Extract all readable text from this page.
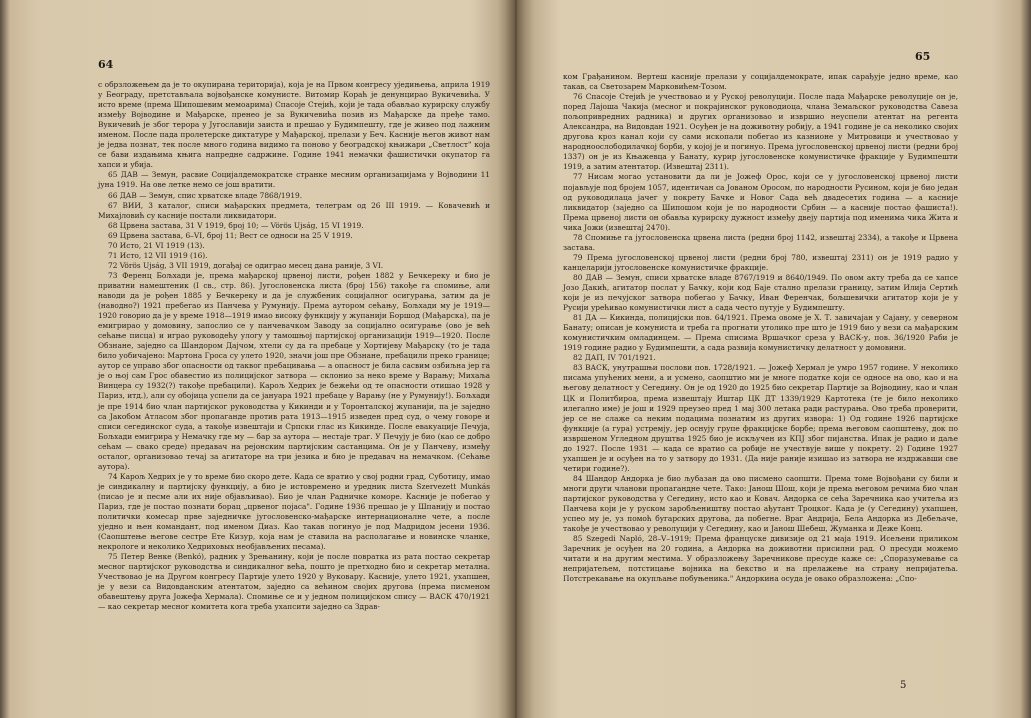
64

с обрзложењем да је то окупирана територија), која је на Првом конгресу уједињења, априла 1919 у Београду, претстављала војвођанске комунисте. Витомир Кораћ је денунцирао Вукичевића. У исто време (према Шипошевим мемоарима) Спасоје Стејић, који је тада обављао курирску службу између Војводине и Мађарске, пренео је за Вукичевића позив из Мађарске да пређе тамо. Вукичевић је због терора у Југославији заиста и прешао у Будимпешту, где је живео под лажним именом. После пада пролетерске диктатуре у Мађарској, прелази у Беч. Касније његов живот нам је једва познат, тек после много година видимо га поново у београдској књижари „Светлост" која се бави издањима књига напредне садржине. Године 1941 немачки фашистички окупатор га хапси и убија.

65 ДАВ — Земун, расвие Социјалдемократске странке месним организацијама у Војводини 11 јуна 1919. На ове летке немо се још вратити.

66 ДАВ — Земун, спис хрватске владе 7868/1919.

67 ВИИ, 3 каталог, списи мађарских предмета, телеграм од 26 III 1919. — Ковачевић и Михајловић су касније постали ликвидатори.

68 Црвена застава, 31 V 1919, број 10; — Vörös Ujság, 15 VI 1919.

69 Црвена застава, 6–VI, број 11; Вест се односи на 25 V 1919.

70 Исто, 21 VI 1919 (13).

71 Исто, 12 VII 1919 (16).

72 Vörös Ujság, 3 VII 1919, догађај се одиграо месец дана раније, 3 VI.

73 Ференц Бољхади је, према мађарској црвеној листи, рођен 1882 у Бечкереку и био је приватни намештеник (I св., стр. 86). Југословенска листа (број 156) такође га спомиње, али наводи да је рођен 1885 у Бечкереку и да је службеник социјалног осигурања, затим да је (наводно?) 1921 пребегао из Панчева у Румунију. Према аутором сећању, Бољхади му је 1919—1920 говорио да је у време 1918—1919 имао високу функцију у жупанији Боршод (Мађарска), па је емигрирао у домовину, запослио се у панчевачком Заводу за социјално осигурање (ово је већ сећање писца) и играо руководећу улогу у тамошњој партијској организацији 1919—1920. После Обзнане, заједно са Шандором Дајчом, хтели су да га пребаце у Хортијеву Мађарску (то је тада било уобичајено: Мартона Гроса су улето 1920, значи још пре Обзнане, пребацили преко границе; аутор се управо због опасности од таквог пребацивања — а опасност је била сасвим озбиљна јер га је о њој сам Грос обавестио из полицијског затвора — склонио за неко време у Варању; Михаља Винцера су 1932(?) такође пребацили). Карољ Хедрих је бежећи од те опасности отишао 1928 у Париз, итд.), али су обојица успели да се јануара 1921 пребаце у Варању (не у Румунију!). Бољхади је пре 1914 био члан партијског руководства у Кикинди и у Торонталској жупанији, па је заједно са Јакобом Атласом због пропаганде против рата 1913—1915 изведен пред суд, о чему говоре и списи сегединског суда, а такође извештаји и Српски глас из Кикинде. После евакуације Печуја, Бољхади емигрира у Немачку где му — бар за аутора — нестаје траг. У Печују је био (као се добро сећам — свако среде) предавач на рејонским партијским састанцима. Он је у Панчеву, између осталог, организовао течај за агитаторе на три језика и био је предавач на немачком. (Сећање аутора).

74 Карољ Хедрих је у то време био скоро дете. Када се вратио у свој родни град, Суботицу, имао је синдикалну и партијску функцију, а био је истовремено и уредник листа Szervezett Munkás (писао је и песме али их није објављивао). Био је члан Радничке коморе. Касније је побегао у Париз, где је постао познати борац „црвеног појаса". Године 1936 прешао је у Шпанију и постао политички комесар прве заједничке југословенско-мађарске интернационалне чете, а после уједно и њен командант, под именом Диаз. Као такав погинуо је под Мадридом јесени 1936. (Саопштење његове сестре Ете Кизур, која нам је ставила на располагање и новинске чланке, некрологе и неколико Хедриховых необјављених песама).

75 Петер Венке (Benkó), радник у Зрењанину, који је после повратка из рата постао секретар месног партијског руководства и синдикалног већа, пошто је претходно био и секретар метална. Учествовао је на Другом конгресу Партије улето 1920 у Вуковару. Касније, улето 1921, ухапшен, је у вези са Видовданским атентатом, заједно са већином својих другова (према писменом обавештењу друга Јожефа Хермала). Спомиње се и у једном полицијском спису — ВАСК 470/1921 — као секретар месног комитета кога треба ухапсити заједно са Здрав-

ком Грађанином. Вертеш касније прелази у социјалдемократе, ипак сарађује једно време, као такав, са Светозарем Марковићем-Тозом.

76 Спасоје Стејић је учествовао и у Руској револуцији. После пада Мађарске револуције он је, поред Лајоша Чакија (месног и покрајинског руководиоца, члана Земаљског руководства Савеза пољопривредних радника) и других организовао и извршио неуспели атентат на регента Александра, на Видовдан 1921. Осуђен је на доживотну робију, а 1941 године је са неколико својих другова кроз канал који су сами ископали побегао из казнионе у Митровици и учествовао у народноослободилачкој борби, у којој је и погинуо. Према југословенској црвеној листи (редни број 1337) он је из Књажевца у Банату, курир југословенске комунистичке фракције у Будимпешти 1919, а затим атентатор. (Извештај 2311).

77 Нисам могао установити да ли је Јожеф Орос, који се у југословенској црвеној листи појављује под бројем 1057, идентичан са Јованом Оросом, по народности Русином, који је био један од руководилаца јачег у покрету Бачке и Новог Сада већ двадесетих година — а касније ликвидатор (заједно са Шипошом који је по народности Србин — а касније постао фашиста!). Према црвеној листи он обавља курирску дужност између двеју партија под именима чика Жита и чика Јожи (извештај 2470).

78 Спомиње га југословенска црвена листа (редни број 1142, извештај 2334), а такође и Црвена застава.

79 Према југословенској црвеној листи (редни број 780, извештај 2311) он је 1919 радио у канцеларији југословенске комунистичке фракције.

80 ДАВ — Земун, списи хрватске владе 8767/1919 и 8640/1949. По овом акту треба да се хапсе Јозо Дакић, агитатор послат у Бачку, који код Баје стално прелази границу, затим Илија Сертић који је из печујског затвора побегао у Бачку, Иван Ференчак, бољшевички агитатор који је у Русији урећивао комунистички лист а сада често путује у Будимпешту.

81 ДА — Кикинда, полицијски пов. 64/1921. Према овоме је Х. Т. завичајан у Сајану, у северном Банату; описан је комуниста и треба га прогнати утолико пре што је 1919 био у вези са мађарским комунистичким омладинцем. — Према списима Вршачког среза у ВАСК-у, пов. 36/1920 Раби је 1919 године радио у Будимпешти, а сада развија комунистичку делатност у домовини.

82 ДАП, IV 701/1921.

83 ВАСК, унутрашњи послови пов. 1728/1921. — Јожеф Хермал је умро 1957 године. У неколико писама упућених мени, а и усмено, саопштио ми је многе податке који се односе на ово, као и на његову делатност у Сегедину. Он је од 1920 до 1925 био секретар Партије за Војводину, као и члан ЦК и Политбироа, према извештају Иштар ЦК ДТ 1339/1929 Картотека (те је било неколико илегално име) је још и 1929 преузео пред 1 мај 300 летака ради растурања. Ово треба проверити, јер се не слаже са неким подацима познатим из других извора: 1) Од године 1926 партијске функције (а гура) устремју, јер оснују групе фракцијске борбе; према његовом саопштењу, док по извршеном Угледном друштва 1925 био је искључен из КПЈ због пијанства. Ипак је радио и даље до 1927. После 1931 — када се вратио са робије не учествује више у покрету. 2) Године 1927 ухапшен је и осуђен на то у затвору до 1931. (Да није раније изишао из затвора не издржавши све четири године?).

84 Шандор Андорка је био љубазан да ово писмено саопшти. Према томе Војвођани су били и многи други чланови пропагандне чете. Тако: Јанош Шош, који је према његовом речима био члан партијског руководства у Сегедину, исто као и Ковач. Андорка се сећа Заречника као учитеља из Панчева који је у руском заробљеништву постао ађутант Троцког. Када је (у Сегедину) ухапшен, успео му је, уз помоћ бугарских другова, да побегне. Враг Андрија, Бела Андорка из Дебељаче, такође је учествовао у револуцији у Сегедину, као и Јанош Шебеш, Жуманка и Деже Конц.

85 Szegedi Napló, 28–V–1919; Према француске дивизије од 21 маја 1919. Исељени приликом Заречник је осуђен на 20 година, а Андорка на доживотни присилни рад. О пресуди можемо читати и на другим местима. У образложењу Заречниковe пресуде каже се: „Споразумевање са непријатељем, потстицање војника на бекство и на прелажење на страну непријатеља. Потстрекавање на окупљање побуњеника." Андоркина осуда је овако образложена: „Спо-

5
65
